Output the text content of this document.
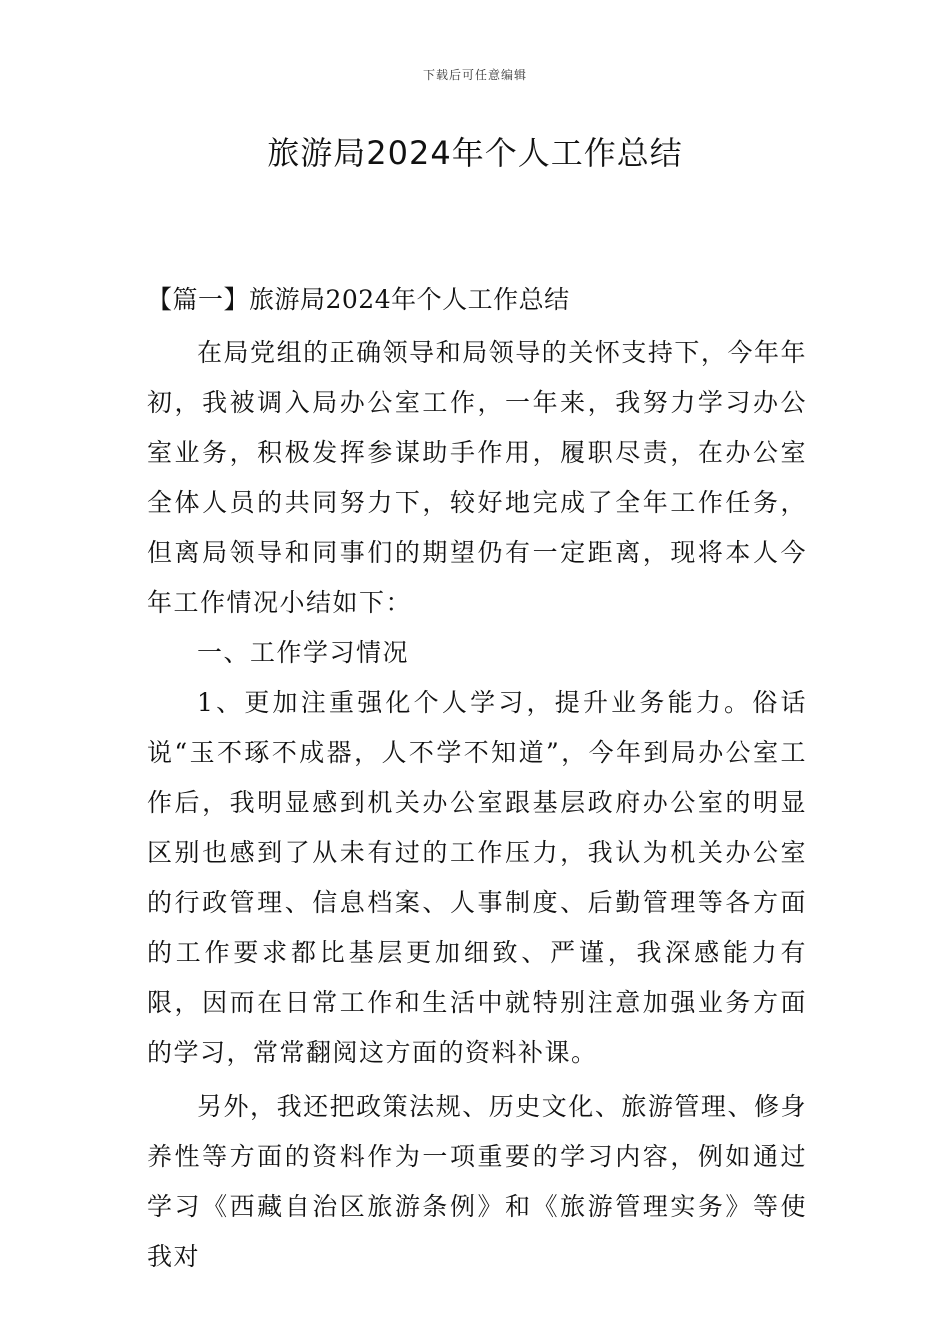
下载后可任意编辑
旅游局2024年个人工作总结

【篇一】旅游局2024年个人工作总结

在局党组的正确领导和局领导的关怀支持下，今年年初，我被调入局办公室工作，一年来，我努力学习办公室业务，积极发挥参谋助手作用，履职尽责，在办公室全体人员的共同努力下，较好地完成了全年工作任务，但离局领导和同事们的期望仍有一定距离，现将本人今年工作情况小结如下：

一、工作学习情况

1、更加注重强化个人学习，提升业务能力。俗话说“玉不琢不成器，人不学不知道”，今年到局办公室工作后，我明显感到机关办公室跟基层政府办公室的明显区别也感到了从未有过的工作压力，我认为机关办公室的行政管理、信息档案、人事制度、后勤管理等各方面的工作要求都比基层更加细致、严谨，我深感能力有限，因而在日常工作和生活中就特别注意加强业务方面的学习，常常翻阅这方面的资料补课。

另外，我还把政策法规、历史文化、旅游管理、修身养性等方面的资料作为一项重要的学习内容，例如通过学习《西藏自治区旅游条例》和《旅游管理实务》等使我对
